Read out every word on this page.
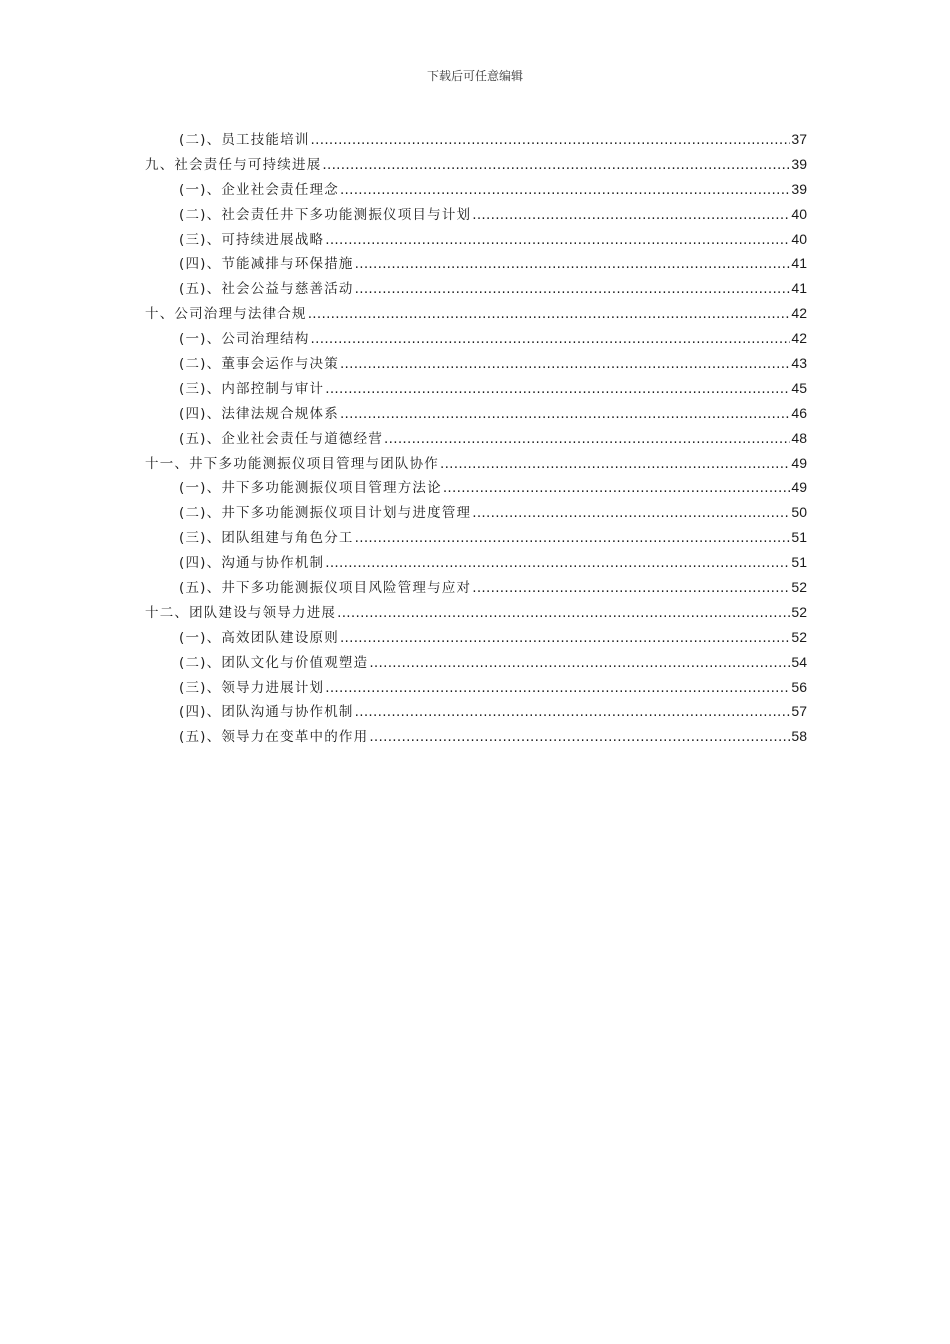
下载后可任意编辑
(二)、员工技能培训 .....	37
九、社会责任与可持续进展 .....	39
(一)、企业社会责任理念 .....	39
(二)、社会责任井下多功能测振仪项目与计划 .....	40
(三)、可持续进展战略 .....	40
(四)、节能减排与环保措施 .....	41
(五)、社会公益与慈善活动 .....	41
十、公司治理与法律合规 .....	42
(一)、公司治理结构 .....	42
(二)、董事会运作与决策 .....	43
(三)、内部控制与审计 .....	45
(四)、法律法规合规体系 .....	46
(五)、企业社会责任与道德经营 .....	48
十一、井下多功能测振仪项目管理与团队协作 .....	49
(一)、井下多功能测振仪项目管理方法论 .....	49
(二)、井下多功能测振仪项目计划与进度管理 .....	50
(三)、团队组建与角色分工 .....	51
(四)、沟通与协作机制 .....	51
(五)、井下多功能测振仪项目风险管理与应对 .....	52
十二、团队建设与领导力进展 .....	52
(一)、高效团队建设原则 .....	52
(二)、团队文化与价值观塑造 .....	54
(三)、领导力进展计划 .....	56
(四)、团队沟通与协作机制 .....	57
(五)、领导力在变革中的作用 .....	58
